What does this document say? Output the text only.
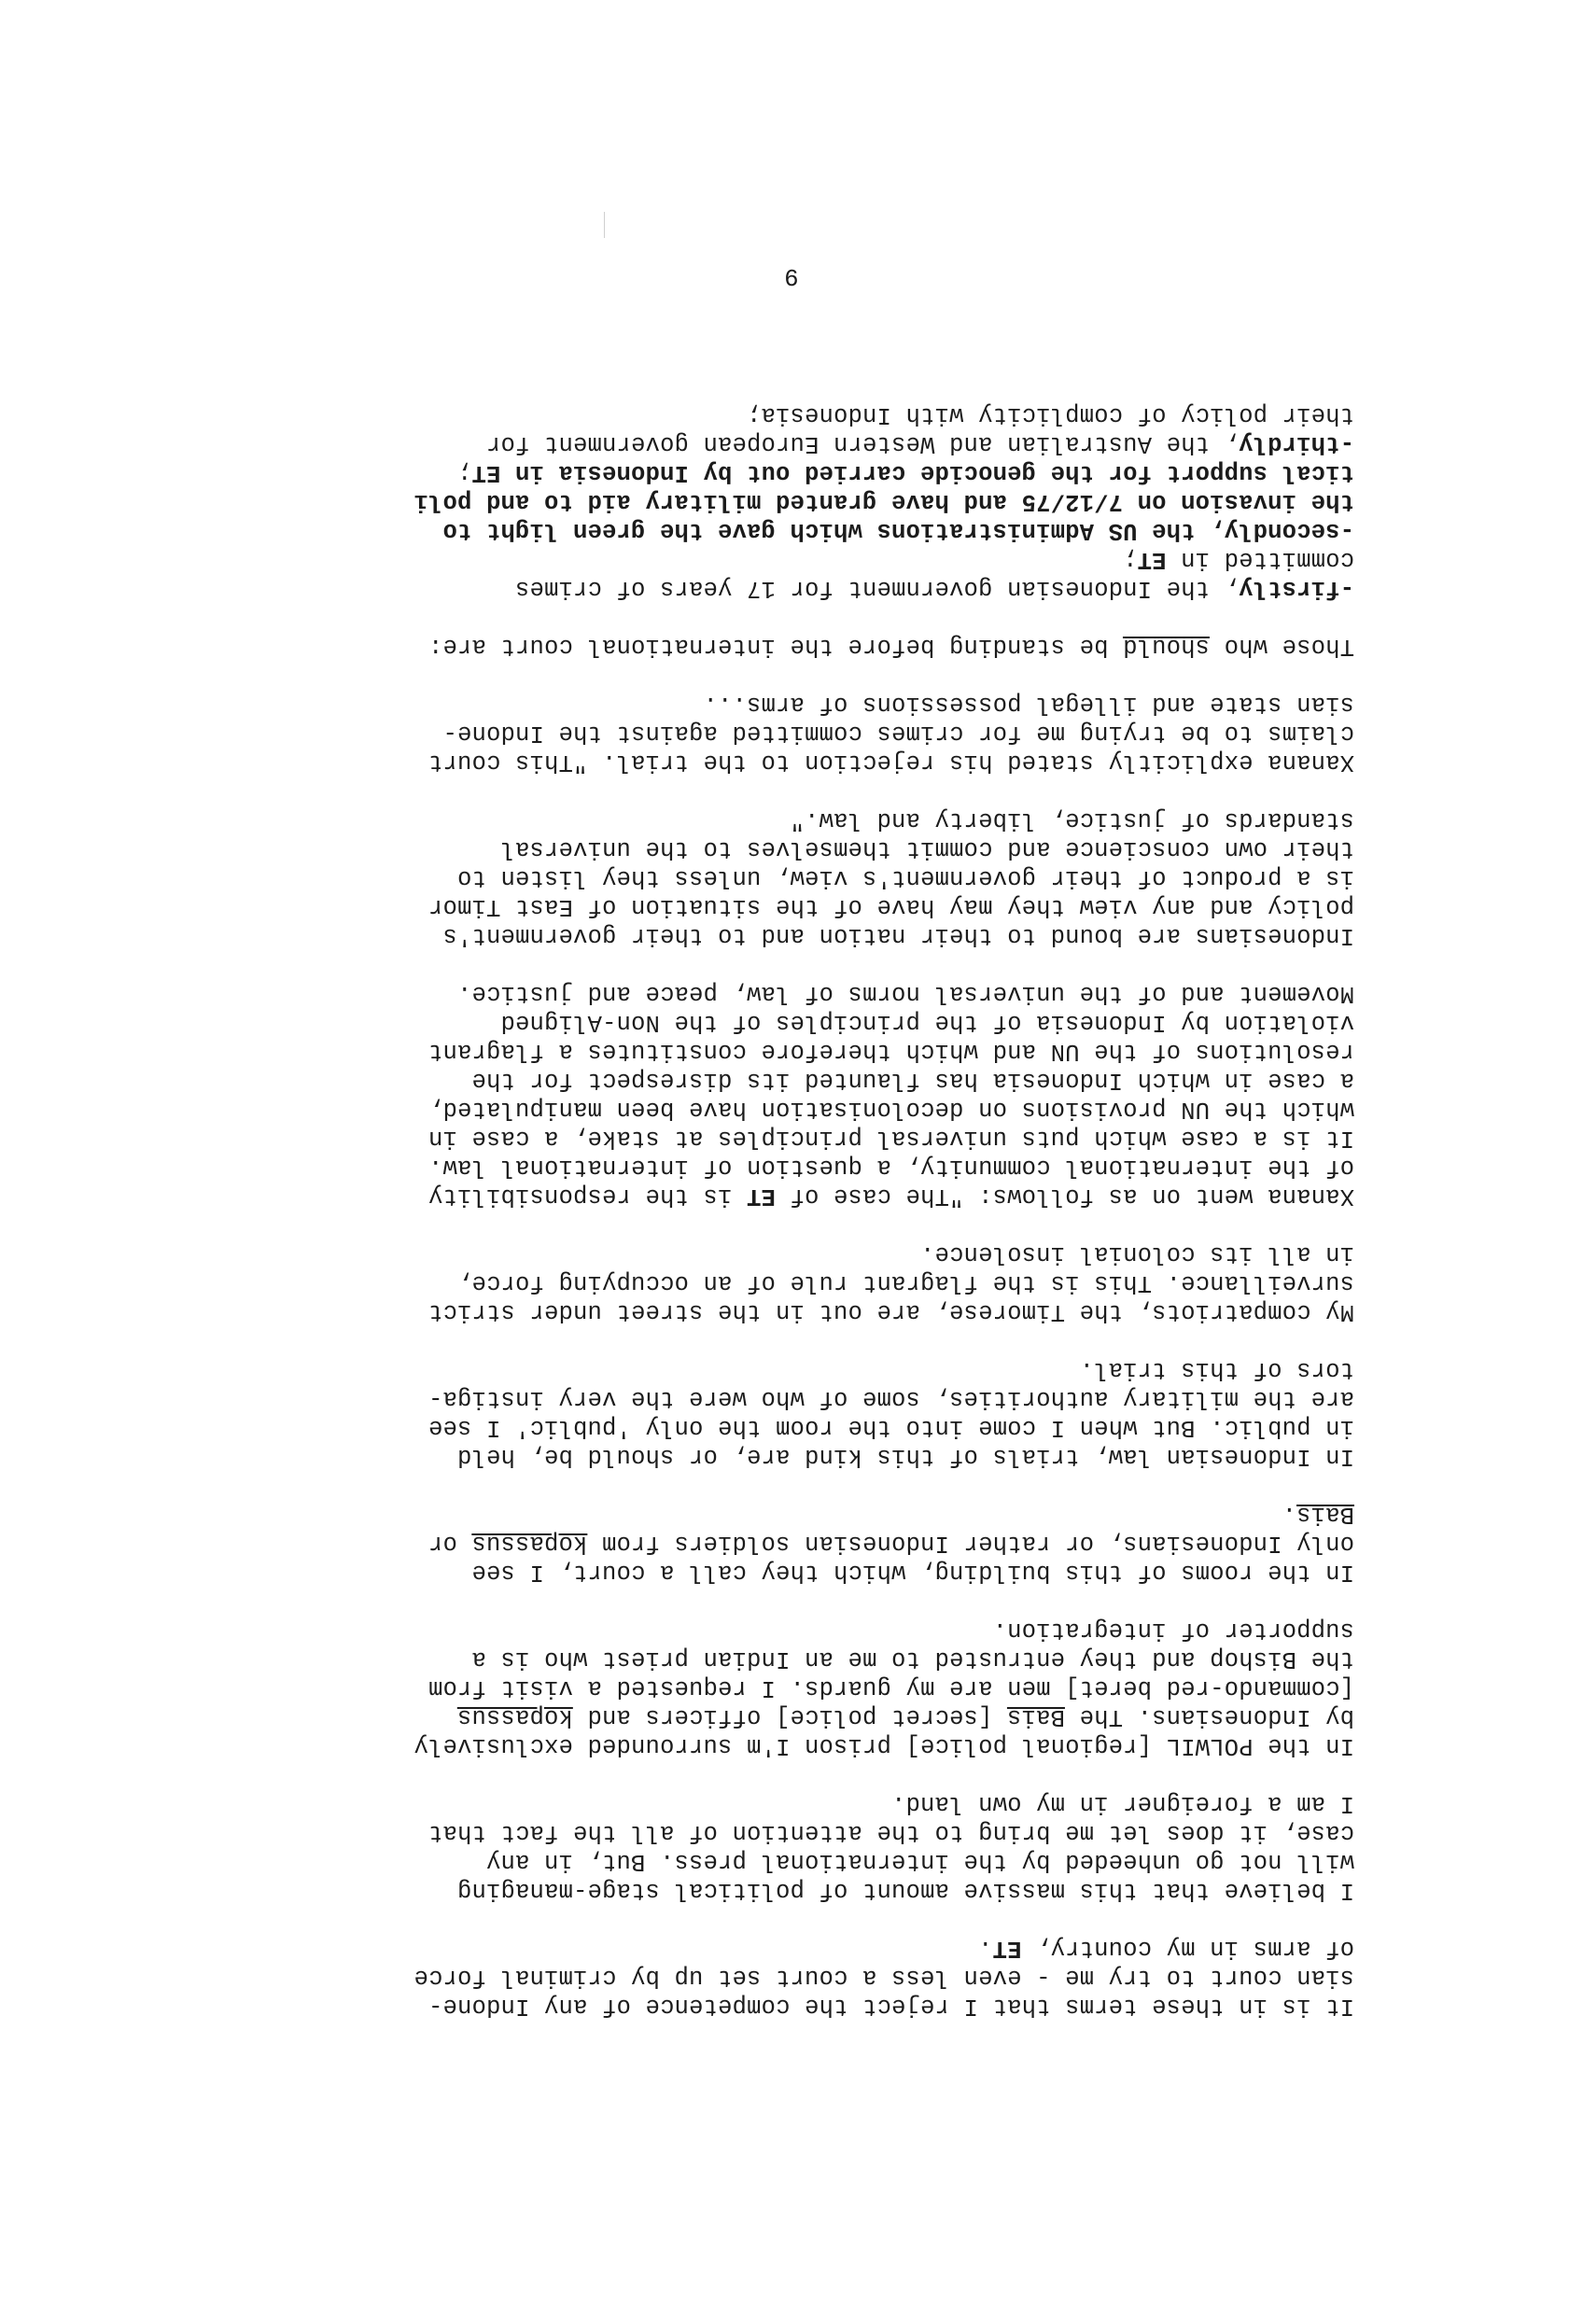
It is in these terms that I reject the competence of any Indone-
sian court to try me - even less a court set up by criminal force
of arms in my country, ET.

I believe that this massive amount of political stage-managing
will not go unheeded by the international press. But, in any
case, it does let me bring to the attention of all the fact that
I am a foreigner in my own land.

In the POLWIL [regional police] prison I'm surrounded exclusively
by Indonesians. The Bais [secret police] officers and kopassus
[commando-red beret] men are my guards. I requested a visit from
the Bishop and they entrusted to me an Indian priest who is a
supporter of integration.

In the rooms of this building, which they call a court, I see
only Indonesians, or rather Indonesian soldiers from kopassus or
Bais.

In Indonesian law, trials of this kind are, or should be, held
in public. But when I come into the room the only 'public' I see
are the military authorities, some of who were the very instiga-
tors of this trial.

My compatriots, the Timorese, are out in the street under strict
surveillance. This is the flagrant rule of an occupying force,
in all its colonial insolence.

Xanana went on as follows: "The case of ET is the responsibility
of the international community, a question of international law.
It is a case which puts universal principles at stake, a case in
which the UN provisions on decolonisation have been manipulated,
a case in which Indonesia has flaunted its disrespect for the
resolutions of the UN and which therefore constitutes a flagrant
violation by Indonesia of the principles of the Non-Aligned
Movement and of the universal norms of law, peace and justice.

Indonesians are bound to their nation and to their government's
policy and any view they may have of the situation of East Timor
is a product of their government's view, unless they listen to
their own conscience and commit themselves to the universal
standards of justice, liberty and law."

Xanana explicitly stated his rejection to the trial. "This court
claims to be trying me for crimes committed against the Indone-
sian state and illegal possessions of arms...

Those who should be standing before the international court are:

-firstly, the Indonesian government for 17 years of crimes
committed in ET;

-secondly, the US Administrations which gave the green light to
the invasion on 7/12/75 and have granted military aid to and poli
tical support for the genocide carried out by Indonesia in ET;

-thirdly, the Australian and Western European government for
their policy of complicity with Indonesia;

9
